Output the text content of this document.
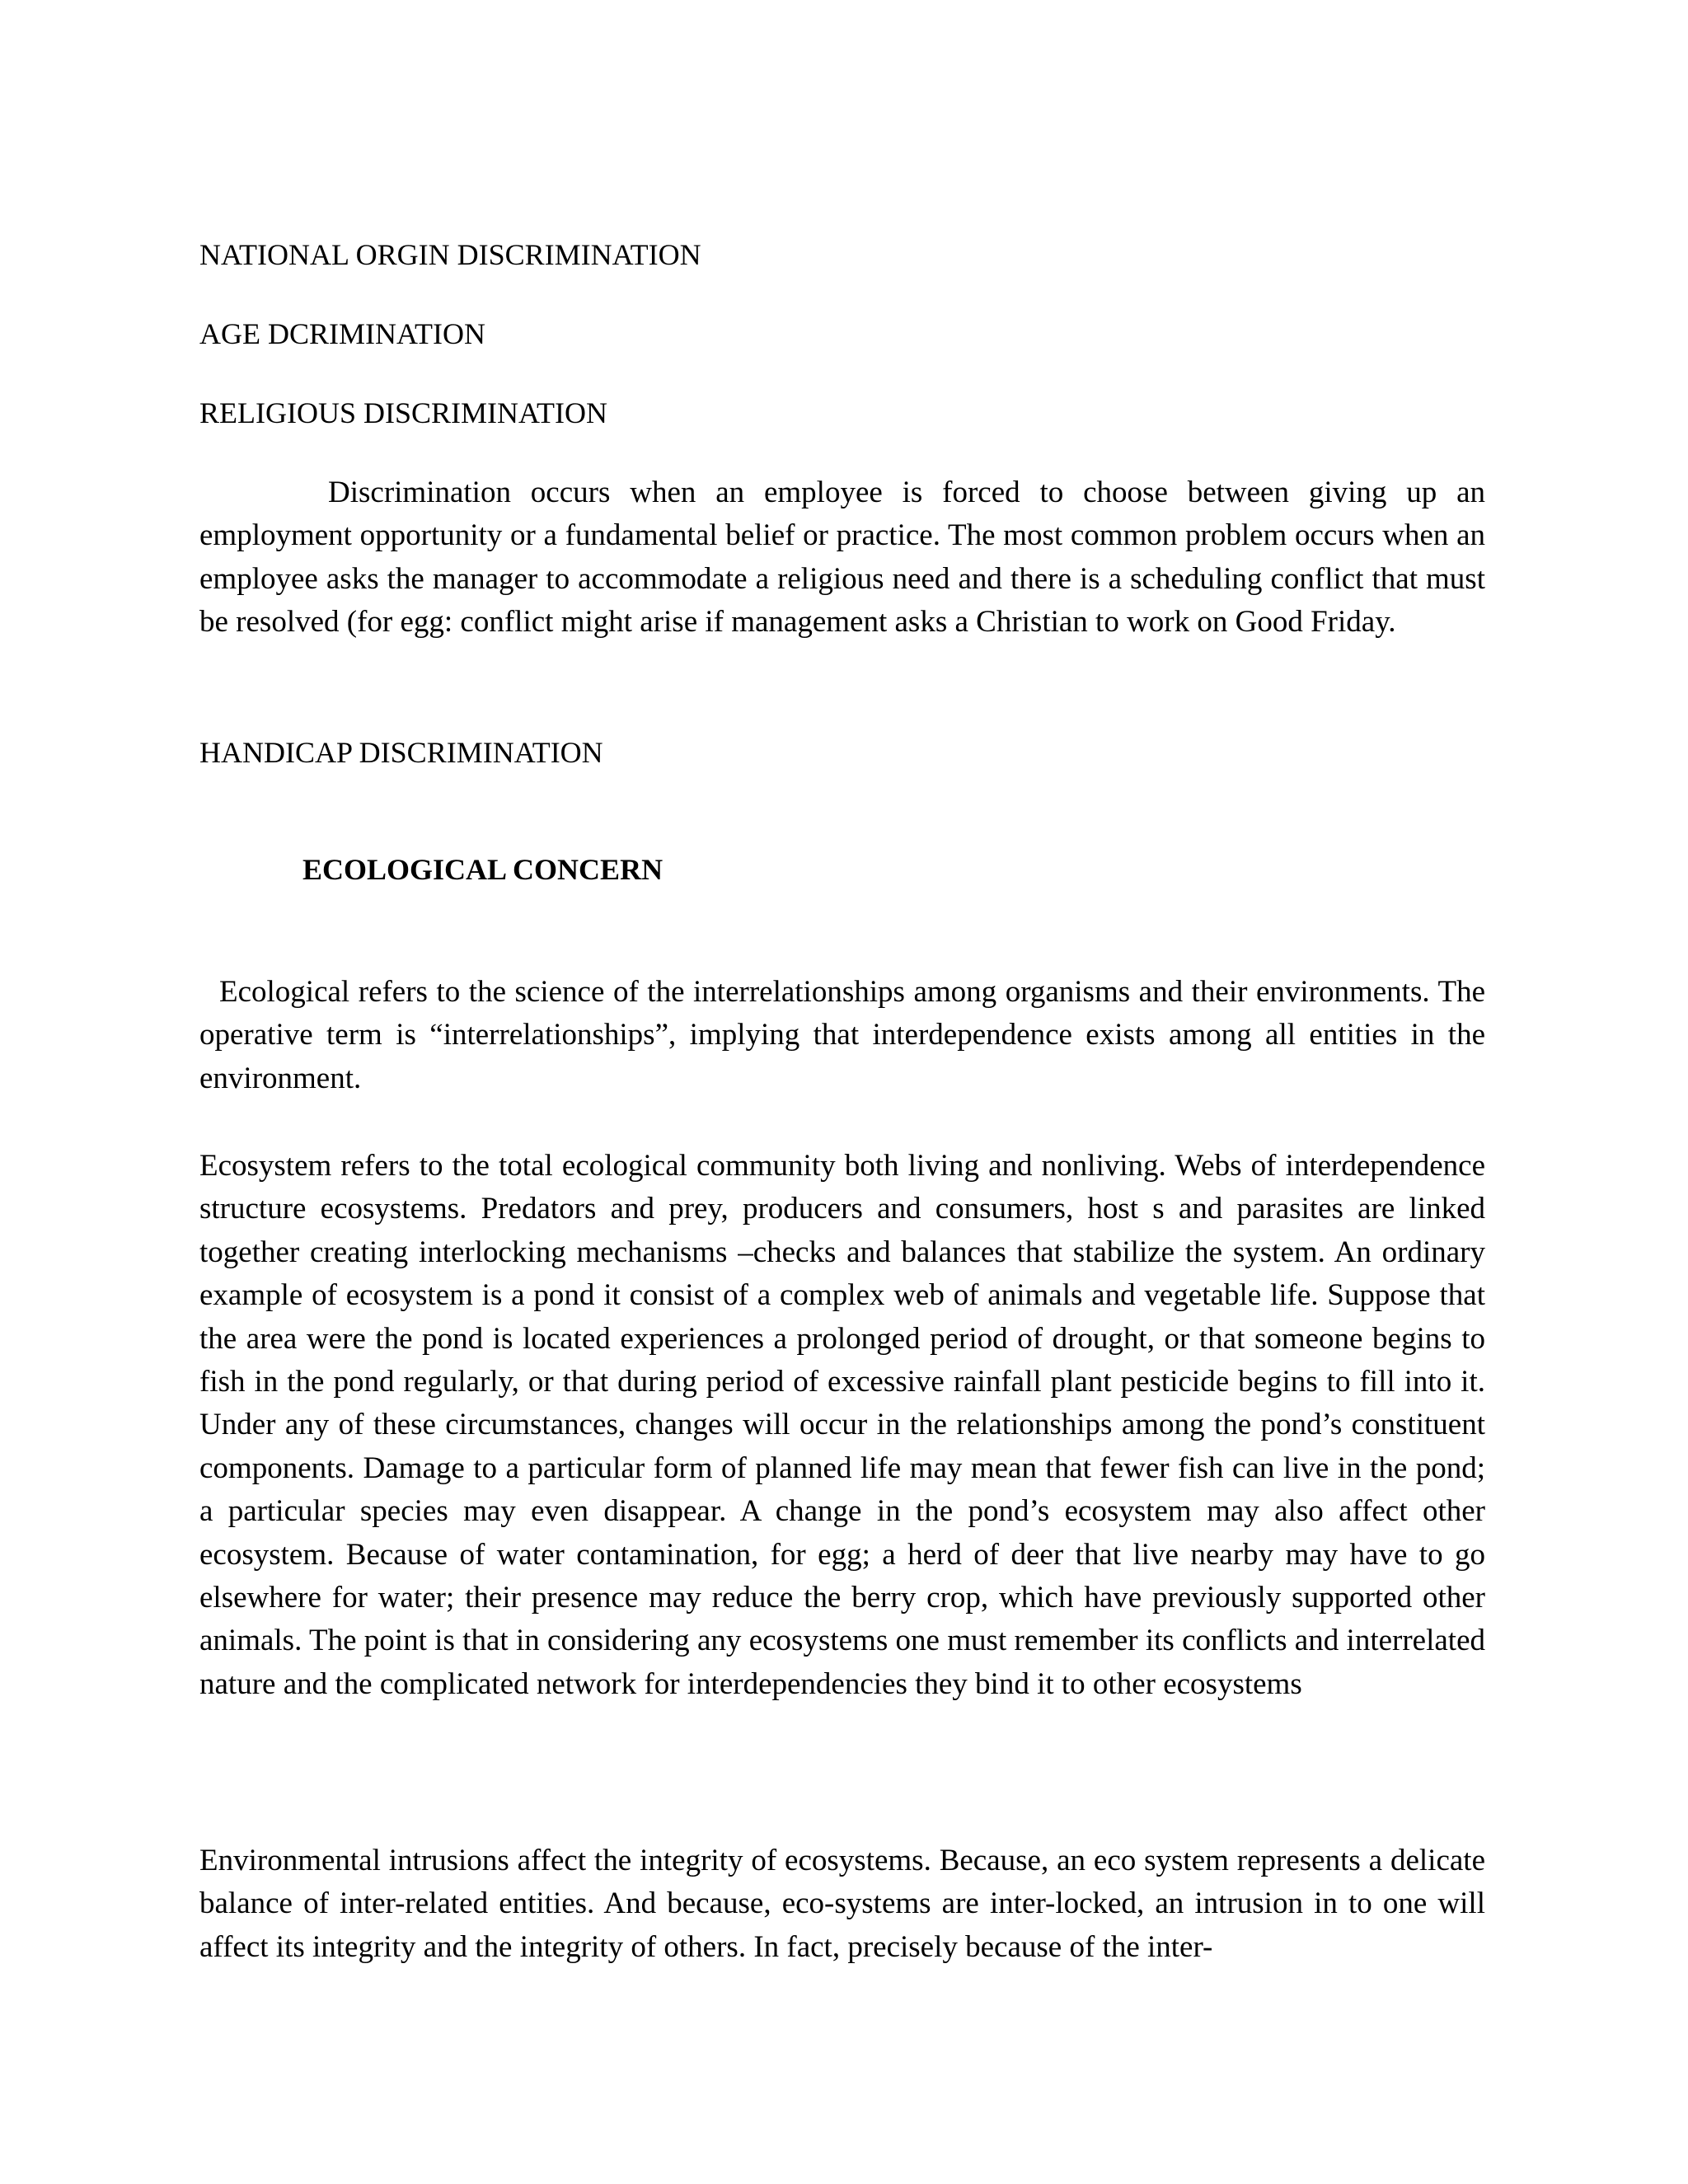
NATIONAL ORGIN DISCRIMINATION
AGE DCRIMINATION
RELIGIOUS DISCRIMINATION

Discrimination occurs when an employee is forced to choose between giving up an employment opportunity or a fundamental belief or practice. The most common problem occurs when an employee asks the manager to accommodate a religious need and there is a scheduling conflict that must be resolved (for egg: conflict might arise if management asks a Christian to work on Good Friday.

HANDICAP DISCRIMINATION
ECOLOGICAL CONCERN

Ecological refers to the science of the interrelationships among organisms and their environments. The operative term is “interrelationships”, implying that interdependence exists among all entities in the environment.

Ecosystem refers to the total ecological community both living and nonliving. Webs of interdependence structure ecosystems. Predators and prey, producers and consumers, host s and parasites are linked together creating interlocking mechanisms –checks and balances that stabilize the system. An ordinary example of ecosystem is a pond it consist of a complex web of animals and vegetable life. Suppose that the area were the pond is located experiences a prolonged period of drought, or that someone begins to fish in the pond regularly, or that during period of excessive rainfall plant pesticide begins to fill into it. Under any of these circumstances, changes will occur in the relationships among the pond’s constituent components. Damage to a particular form of planned life may mean that fewer fish can live in the pond; a particular species may even disappear. A change in the pond’s ecosystem may also affect other ecosystem. Because of water contamination, for egg; a herd of deer that live nearby may have to go elsewhere for water; their presence may reduce the berry crop, which have previously supported other animals. The point is that in considering any ecosystems one must remember its conflicts and interrelated nature and the complicated network for interdependencies they bind it to other ecosystems

Environmental intrusions affect the integrity of ecosystems. Because, an eco system represents a delicate balance of inter-related entities. And because, eco-systems are inter-locked, an intrusion in to one will affect its integrity and the integrity of others. In fact, precisely because of the inter-
